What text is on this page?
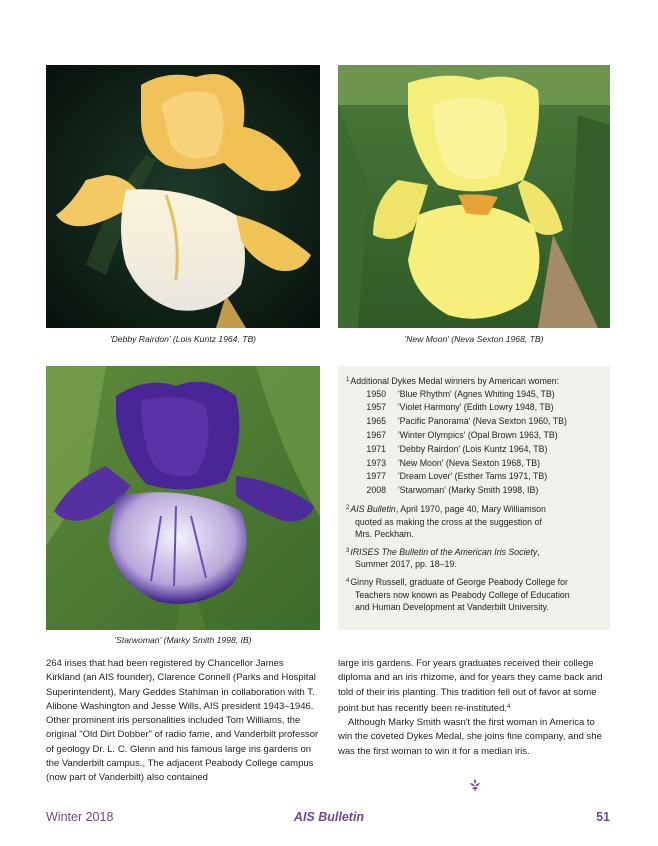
'Debby Rairdon' (Lois Kuntz 1964, TB)	'New Moon' (Neva Sexton 1968, TB)
'Starwoman' (Marky Smith 1998, IB)

$^1$Additional Dykes Medal winners by American women:

1950	'Blue Rhythm' (Agnes Whiting 1945, TB)
1957	'Violet Harmony' (Edith Lowry 1948, TB)
1965	'Pacific Panorama' (Neva Sexton 1960, TB)
1967	'Winter Olympics' (Opal Brown 1963, TB)
1971	'Debby Rairdon' (Lois Kuntz 1964, TB)
1973	'New Moon' (Neva Sexton 1968, TB)
1977	'Dream Lover' (Esther Tams 1971, TB)
2008	'Starwoman' (Marky Smith 1998, IB)

$^2$AIS Bulletin, April 1970, page 40, Mary Williamson
quoted as making the cross at the suggestion of
Mrs. Peckham.

$^3$IRISES The Bulletin of the American Iris Society,
Summer 2017, pp. 18–19.

$^4$Ginny Russell, graduate of George Peabody College for
Teachers now known as Peabody College of Education
and Human Development at Vanderbilt University.

264 irises that had been registered by Chancellor James Kirkland (an AIS founder), Clarence Connell (Parks and Hospital Superintendent), Mary Geddes Stahlman in collaboration with T. Alibone Washington and Jesse Wills, AIS president 1943–1946. Other prominent iris personalities included Tom Williams, the original "Old Dirt Dobber" of radio fame, and Vanderbilt professor of geology Dr. L. C. Glenn and his famous large iris gardens on the Vanderbilt campus., The adjacent Peabody College campus (now part of Vanderbilt) also contained

large iris gardens. For years graduates received their college diploma and an iris rhizome, and for years they came back and told of their iris planting. This tradition fell out of favor at some point but has recently been re-instituted.$^4$

Although Marky Smith wasn't the first woman in America to win the coveted Dykes Medal, she joins fine company, and she was the first woman to win it for a median iris.

Winter 2018	AIS Bulletin	51
